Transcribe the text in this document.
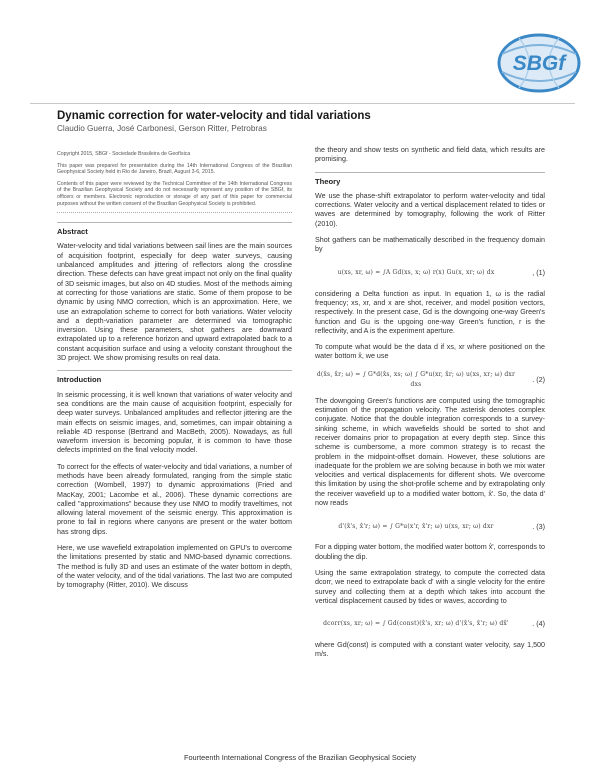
SBGf
Dynamic correction for water-velocity and tidal variations
Claudio Guerra, José Carbonesi, Gerson Ritter, Petrobras

Copyright 2015, SBGf - Sociedade Brasileira de Geofísica

This paper was prepared for presentation during the 14th International Congress of the Brazilian Geophysical Society held in Rio de Janeiro, Brazil, August 3-6, 2015.

Contents of this paper were reviewed by the Technical Committee of the 14th International Congress of the Brazilian Geophysical Society and do not necessarily represent any position of the SBGf, its officers or members. Electronic reproduction or storage of any part of this paper for commercial purposes without the written consent of the Brazilian Geophysical Society is prohibited.

Abstract

Water-velocity and tidal variations between sail lines are the main sources of acquisition footprint, especially for deep water surveys, causing unbalanced amplitudes and jittering of reflectors along the crossline direction. These defects can have great impact not only on the final quality of 3D seismic images, but also on 4D studies. Most of the methods aiming at correcting for those variations are static. Some of them propose to be dynamic by using NMO correction, which is an approximation. Here, we use an extrapolation scheme to correct for both variations. Water velocity and a depth-variation parameter are determined via tomographic inversion. Using these parameters, shot gathers are downward extrapolated up to a reference horizon and upward extrapolated back to a constant acquisition surface and using a velocity constant throughout the 3D project. We show promising results on real data.

Introduction

In seismic processing, it is well known that variations of water velocity and sea conditions are the main cause of acquisition footprint, especially for deep water surveys. Unbalanced amplitudes and reflector jittering are the main effects on seismic images, and, sometimes, can impair obtaining a reliable 4D response (Bertrand and MacBeth, 2005). Nowadays, as full waveform inversion is becoming popular, it is common to have those defects imprinted on the final velocity model.

To correct for the effects of water-velocity and tidal variations, a number of methods have been already formulated, ranging from the simple static correction (Wombell, 1997) to dynamic approximations (Fried and MacKay, 2001; Lacombe et al., 2006). These dynamic corrections are called "approximations" because they use NMO to modify traveltimes, not allowing lateral movement of the seismic energy. This approximation is prone to fail in regions where canyons are present or the water bottom has strong dips.

Here, we use wavefield extrapolation implemented on GPU's to overcome the limitations presented by static and NMO-based dynamic corrections. The method is fully 3D and uses an estimate of the water bottom in depth, of the water velocity, and of the tidal variations. The last two are computed by tomography (Ritter, 2010). We discuss

the theory and show tests on synthetic and field data, which results are promising.

Theory

We use the phase-shift extrapolator to perform water-velocity and tidal corrections. Water velocity and a vertical displacement related to tides or waves are determined by tomography, following the work of Ritter (2010).

Shot gathers can be mathematically described in the frequency domain by

u(xs, xr, ω) = ∫A Gd(xs, x; ω) r(x) Gu(x, xr; ω) dx	, (1)

considering a Delta function as input. In equation 1, ω is the radial frequency; xs, xr, and x are shot, receiver, and model position vectors, respectively. In the present case, Gd is the downgoing one-way Green's function and Gu is the upgoing one-way Green's function, r is the reflectivity, and A is the experiment aperture.

To compute what would be the data d if xs, xr where positioned on the water bottom x̂, we use

d(x̂s, x̂r; ω) = ∫ G*d(x̂s, xs; ω) ∫ G*u(xr, x̂r; ω) u(xs, xr; ω) dxr dxs
. (2)

The downgoing Green's functions are computed using the tomographic estimation of the propagation velocity. The asterisk denotes complex conjugate. Notice that the double integration corresponds to a survey-sinking scheme, in which wavefields should be sorted to shot and receiver domains prior to propagation at every depth step. Since this scheme is cumbersome, a more common strategy is to recast the problem in the midpoint-offset domain. However, these solutions are inadequate for the problem we are solving because in both we mix water velocities and vertical displacements for different shots. We overcome this limitation by using the shot-profile scheme and by extrapolating only the receiver wavefield up to a modified water bottom, x̂'. So, the data d' now reads

d'(x̂'s, x̂'r; ω) = ∫ G*u(x'r, x̂'r; ω) u(xs, xr; ω) dxr	. (3)

For a dipping water bottom, the modified water bottom x̂', corresponds to doubling the dip.

Using the same extrapolation strategy, to compute the corrected data dcorr, we need to extrapolate back d' with a single velocity for the entire survey and collecting them at a depth which takes into account the vertical displacement caused by tides or waves, according to

dcorr(xs, xr; ω) = ∫ Gd(const)(x̂'s, xr; ω) d'(x̂'s, x̂'r; ω) dx̂'	. (4)

where Gd(const) is computed with a constant water velocity, say 1,500 m/s.

Fourteenth International Congress of the Brazilian Geophysical Society
